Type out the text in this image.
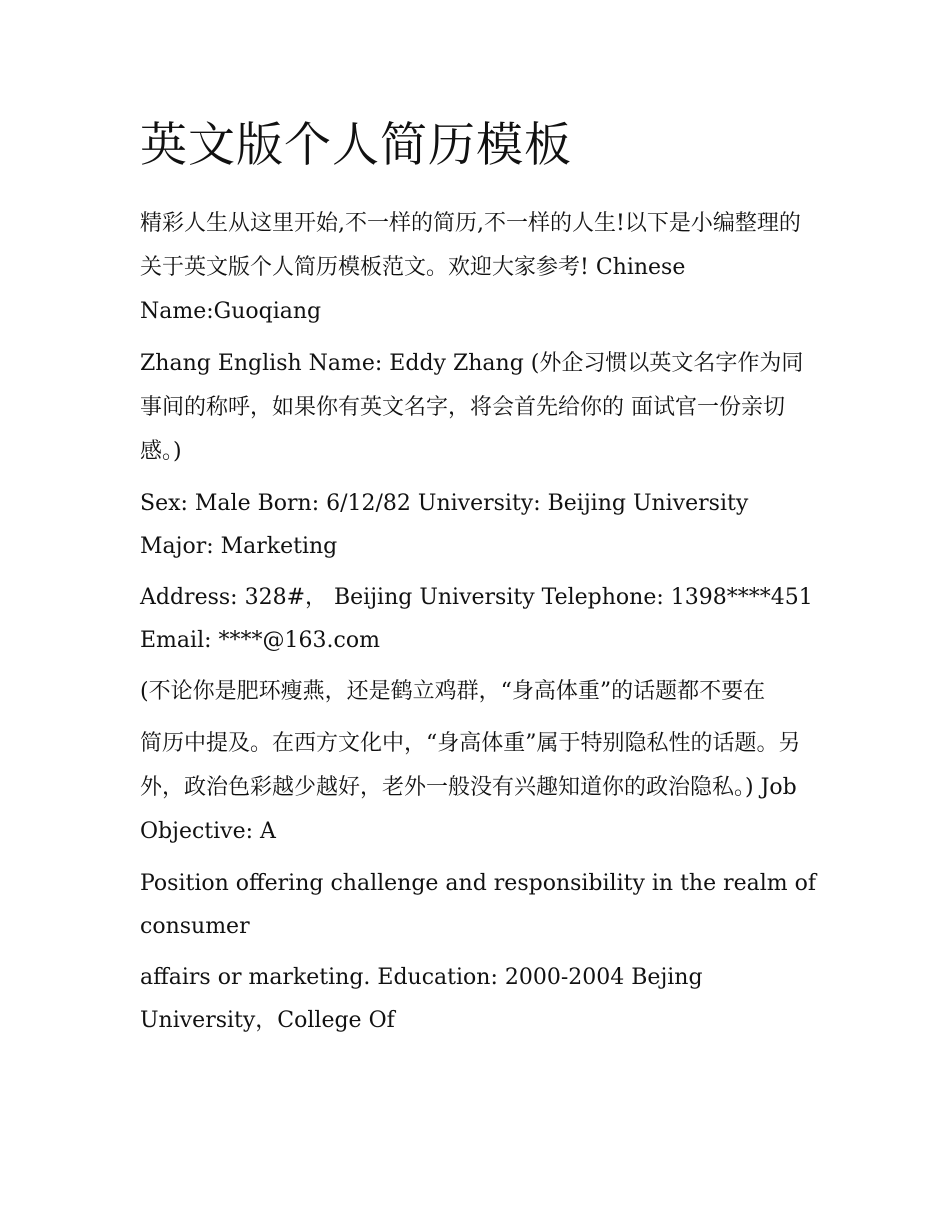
英文版个人简历模板

精彩人生从这里开始,不一样的简历,不一样的人生!以下是小编整理的关于英文版个人简历模板范文。欢迎大家参考! Chinese Name:Guoqiang

Zhang English Name: Eddy Zhang (外企习惯以英文名字作为同事间的称呼，如果你有英文名字，将会首先给你的 面试官一份亲切感。)

Sex: Male Born: 6/12/82 University: Beijing University Major: Marketing

Address: 328#， Beijing University Telephone: 1398****451 Email: ****@163.com

(不论你是肥环瘦燕，还是鹤立鸡群，“身高体重”的话题都不要在

简历中提及。在西方文化中，“身高体重”属于特别隐私性的话题。另外，政治色彩越少越好，老外一般没有兴趣知道你的政治隐私。) Job Objective: A

Position offering challenge and responsibility in the realm of consumer

affairs or marketing. Education: 2000-2004 Bejing University，College Of
